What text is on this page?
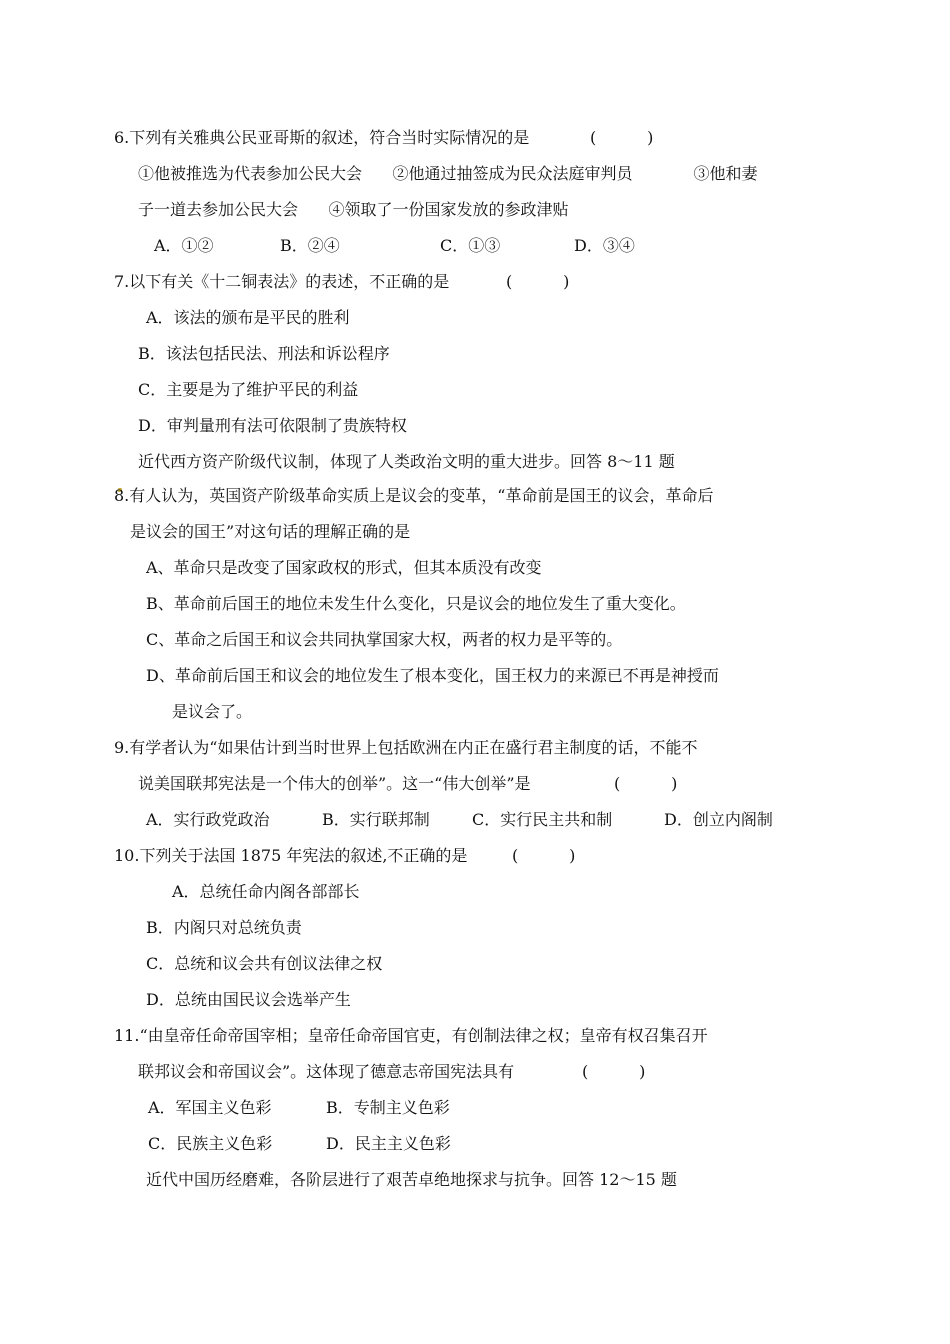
6.下列有关雅典公民亚哥斯的叙述，符合当时实际情况的是	(          )
①他被推选为代表参加公民大会      ②他通过抽签成为民众法庭审判员            ③他和妻
子一道去参加公民大会      ④领取了一份国家发放的参政津贴
A．①②	B．②④	C．①③	D．③④
7.以下有关《十二铜表法》的表述，不正确的是	(          )
A．该法的颁布是平民的胜利
B．该法包括民法、刑法和诉讼程序
C．主要是为了维护平民的利益
D．审判量刑有法可依限制了贵族特权
近代西方资产阶级代议制，体现了人类政治文明的重大进步。回答 8～11 题
8.有人认为，英国资产阶级革命实质上是议会的变革，“革命前是国王的议会，革命后
是议会的国王”对这句话的理解正确的是
A、革命只是改变了国家政权的形式，但其本质没有改变
B、革命前后国王的地位未发生什么变化，只是议会的地位发生了重大变化。
C、革命之后国王和议会共同执掌国家大权，两者的权力是平等的。
D、革命前后国王和议会的地位发生了根本变化，国王权力的来源已不再是神授而
是议会了。
9.有学者认为“如果估计到当时世界上包括欧洲在内正在盛行君主制度的话，不能不
说美国联邦宪法是一个伟大的创举”。这一“伟大创举”是	(          )
A．实行政党政治	B．实行联邦制	C．实行民主共和制	D．创立内阁制
10.下列关于法国 1875 年宪法的叙述,不正确的是	(          )
A．总统任命内阁各部部长
B．内阁只对总统负责
C．总统和议会共有创议法律之权
D．总统由国民议会选举产生
11.“由皇帝任命帝国宰相；皇帝任命帝国官吏，有创制法律之权；皇帝有权召集召开
联邦议会和帝国议会”。这体现了德意志帝国宪法具有	(          )
A．军国主义色彩	B．专制主义色彩
C．民族主义色彩	D．民主主义色彩
近代中国历经磨难，各阶层进行了艰苦卓绝地探求与抗争。回答 12～15 题
